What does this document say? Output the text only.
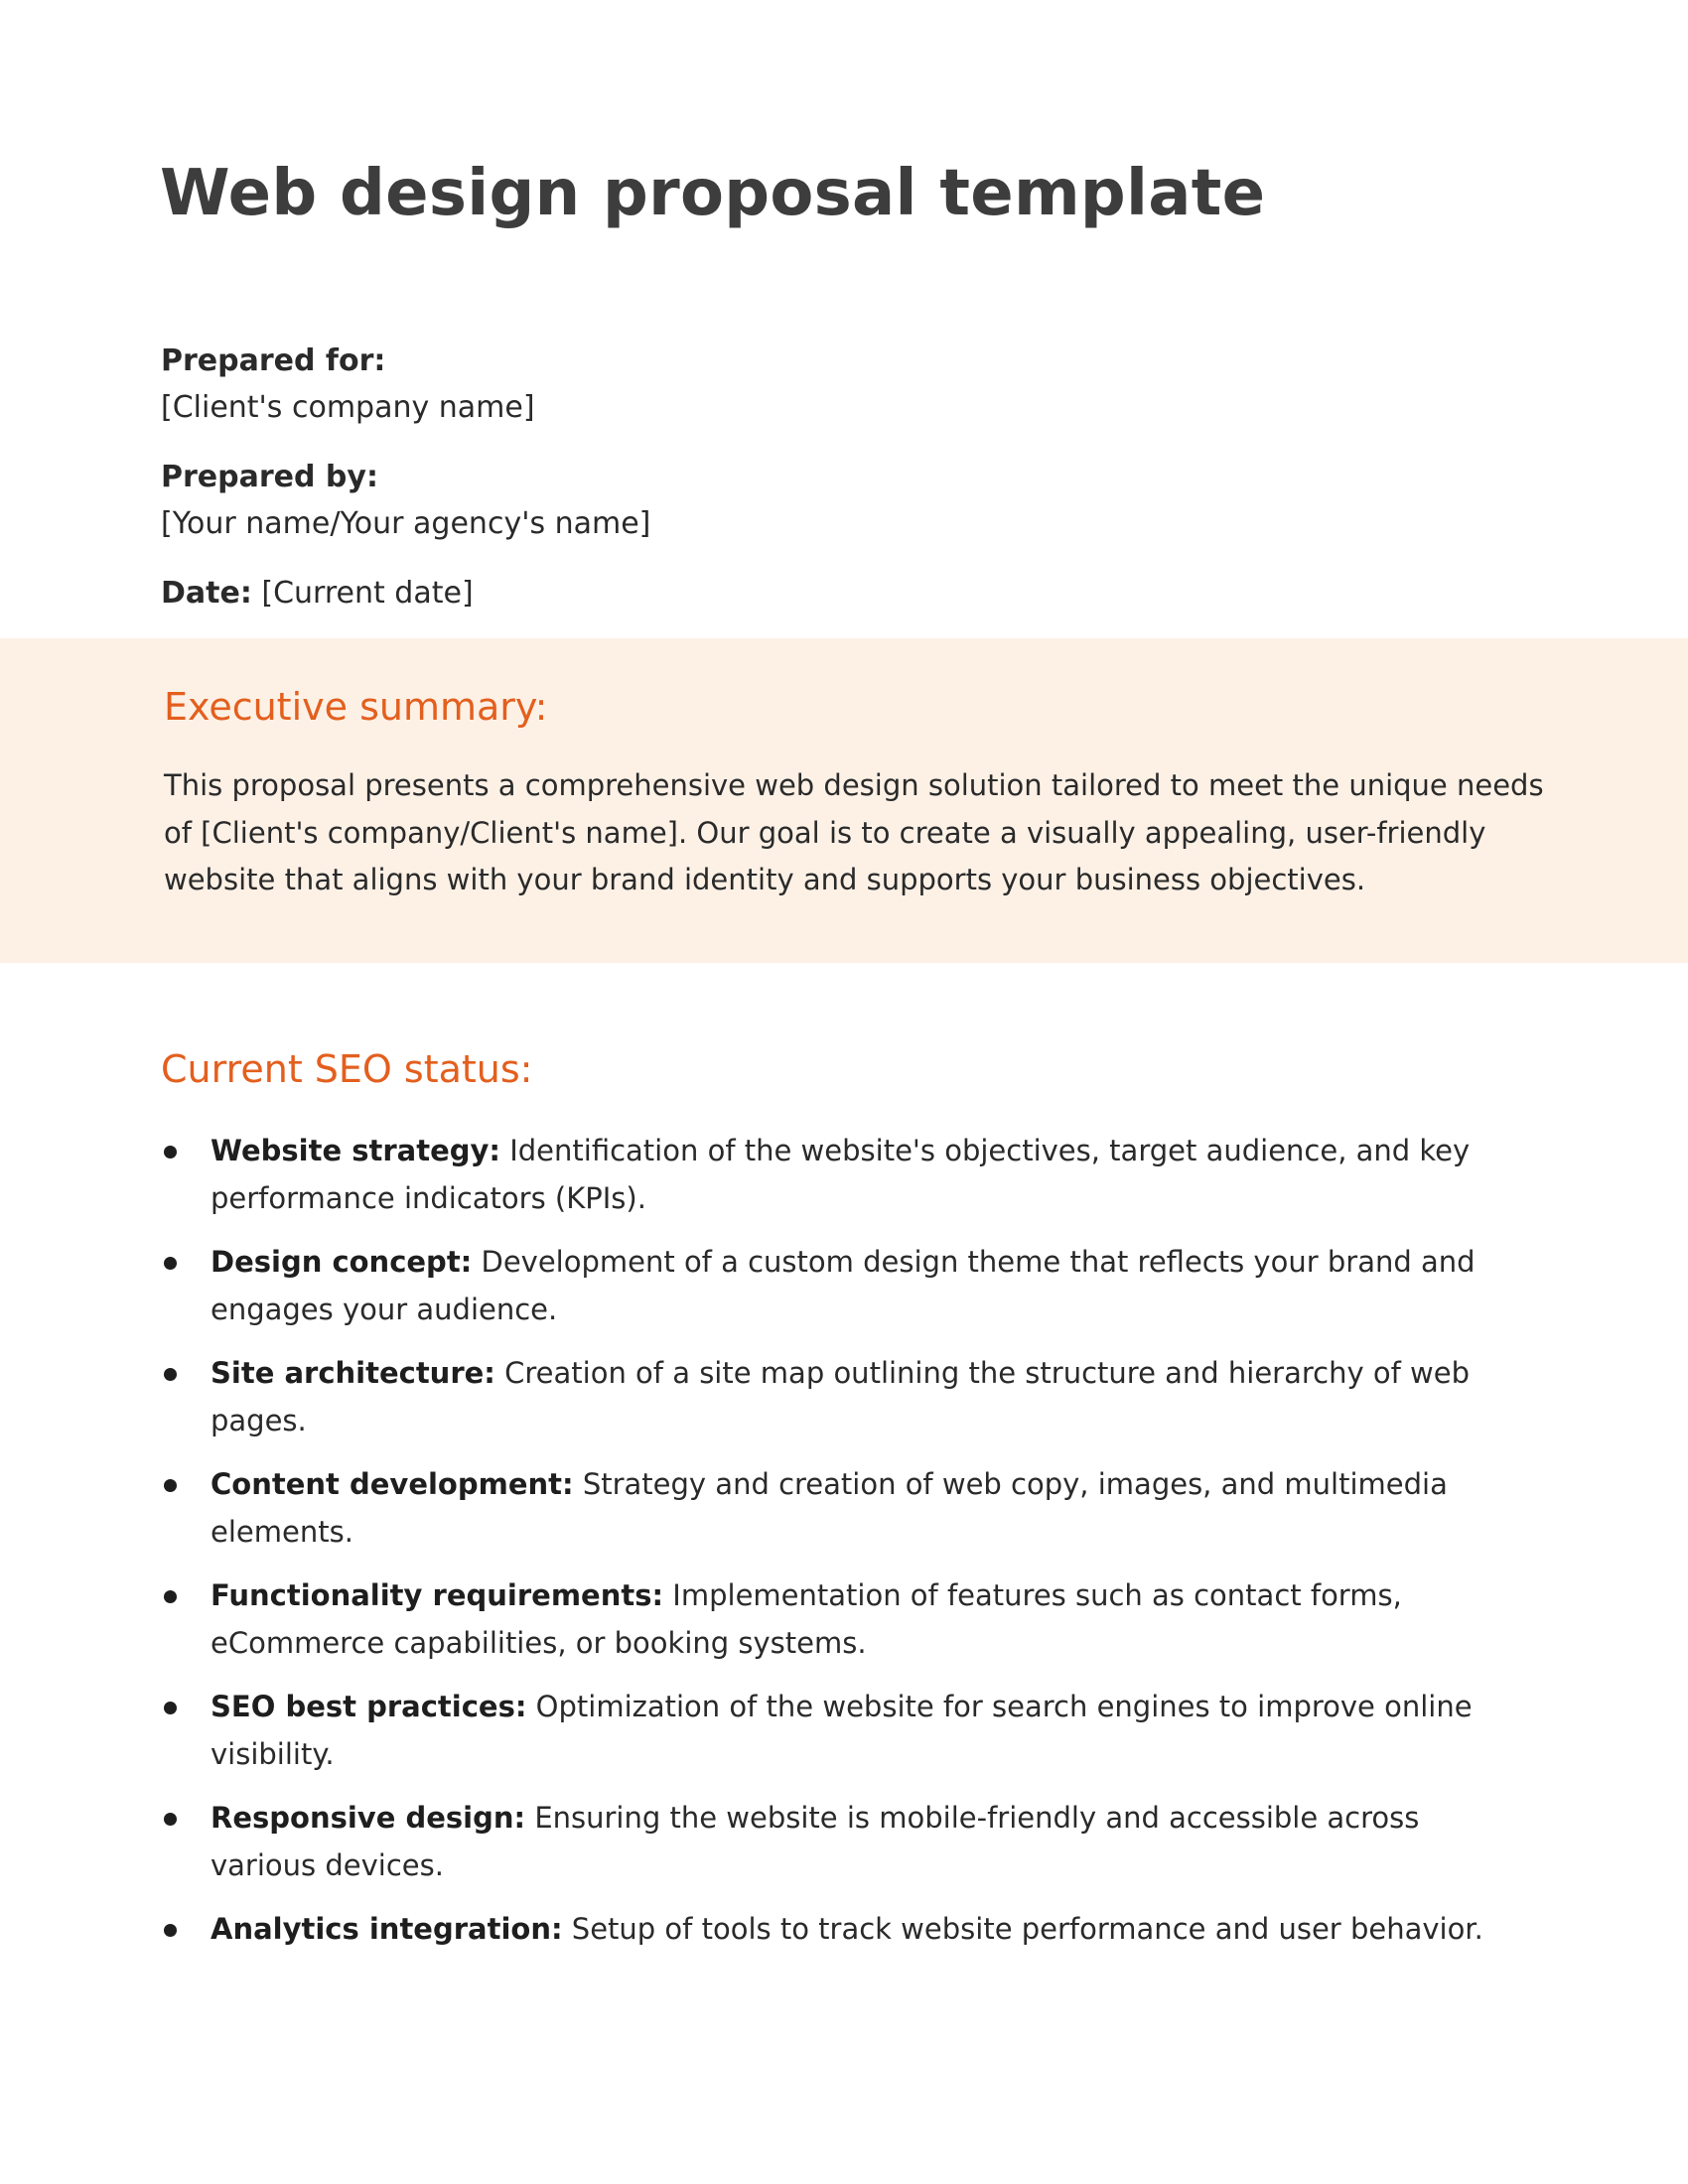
Web design proposal template
Prepared for:
[Client's company name]
Prepared by:
[Your name/Your agency's name]
Date: [Current date]
Executive summary:

This proposal presents a comprehensive web design solution tailored to meet the unique needs of [Client's company/Client's name]. Our goal is to create a visually appealing, user-friendly website that aligns with your brand identity and supports your business objectives.

Current SEO status:
Website strategy: Identification of the website's objectives, target audience, and key performance indicators (KPIs).
Design concept: Development of a custom design theme that reflects your brand and engages your audience.
Site architecture: Creation of a site map outlining the structure and hierarchy of web pages.
Content development: Strategy and creation of web copy, images, and multimedia elements.
Functionality requirements: Implementation of features such as contact forms, eCommerce capabilities, or booking systems.
SEO best practices: Optimization of the website for search engines to improve online visibility.
Responsive design: Ensuring the website is mobile-friendly and accessible across various devices.
Analytics integration: Setup of tools to track website performance and user behavior.
